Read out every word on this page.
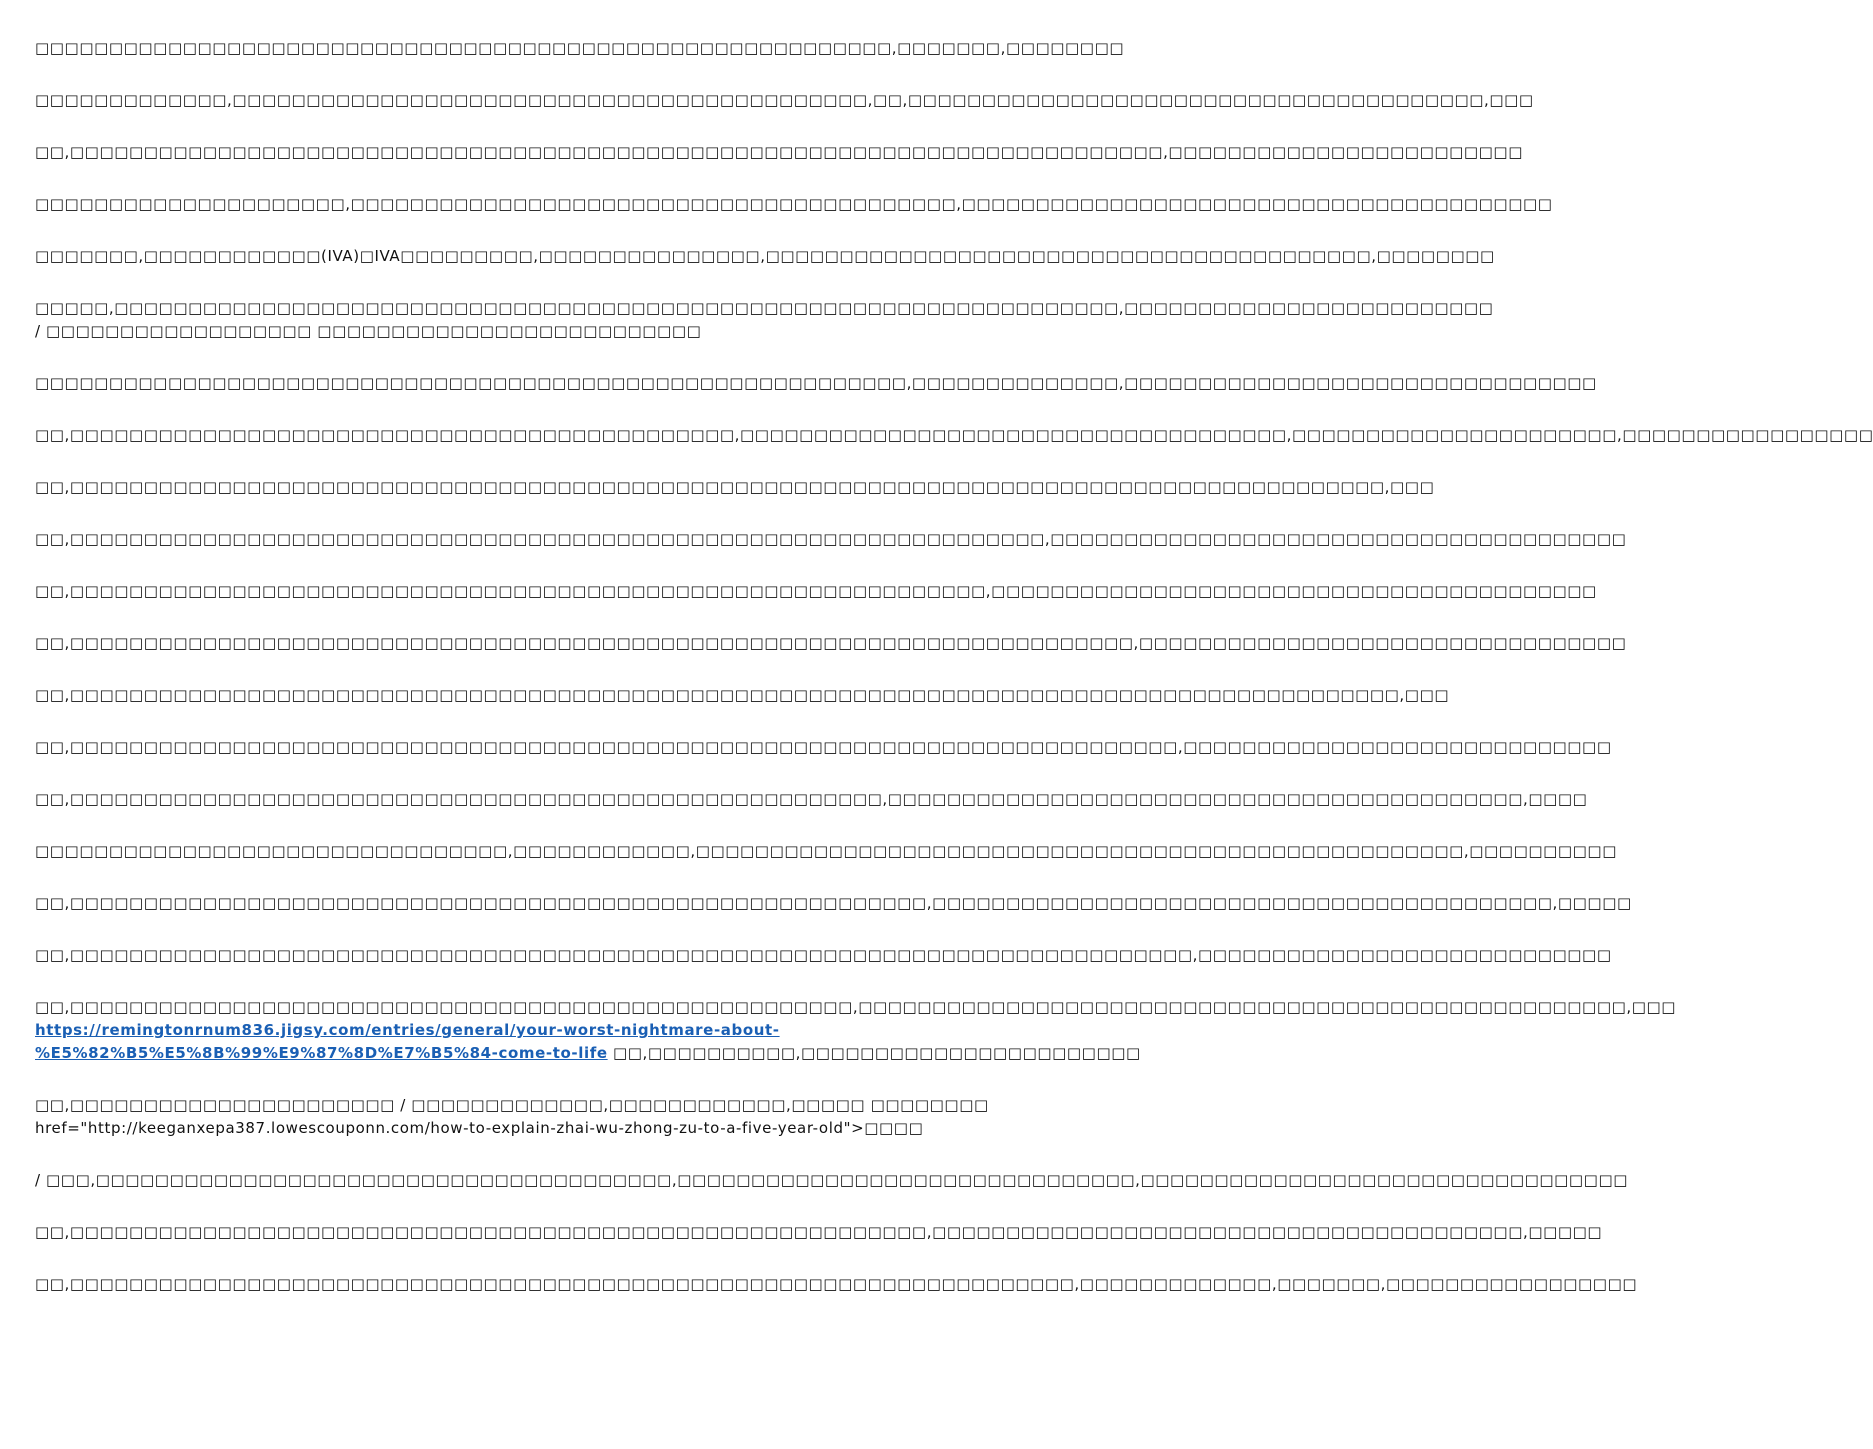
□□□□□□□□□□□□□□□□□□□□□□□□□□□□□□□□□□□□□□□□□□□□□□□□□□□□□□□□□□,□□□□□□□,□□□□□□□□

□□□□□□□□□□□□□,□□□□□□□□□□□□□□□□□□□□□□□□□□□□□□□□□□□□□□□□□□□,□□,□□□□□□□□□□□□□□□□□□□□□□□□□□□□□□□□□□□□□□□,□□□

□□,□□□□□□□□□□□□□□□□□□□□□□□□□□□□□□□□□□□□□□□□□□□□□□□□□□□□□□□□□□□□□□□□□□□□□□□□□□,□□□□□□□□□□□□□□□□□□□□□□□□

□□□□□□□□□□□□□□□□□□□□□,□□□□□□□□□□□□□□□□□□□□□□□□□□□□□□□□□□□□□□□□□,□□□□□□□□□□□□□□□□□□□□□□□□□□□□□□□□□□□□□□□□

□□□□□□□,□□□□□□□□□□□□(IVA)□IVA□□□□□□□□□,□□□□□□□□□□□□□□□,□□□□□□□□□□□□□□□□□□□□□□□□□□□□□□□□□□□□□□□□□,□□□□□□□□

□□□□□,□□□□□□□□□□□□□□□□□□□□□□□□□□□□□□□□□□□□□□□□□□□□□□□□□□□□□□□□□□□□□□□□□□□□,□□□□□□□□□□□□□□□□□□□□□□□□□
/ □□□□□□□□□□□□□□□□□□ □□□□□□□□□□□□□□□□□□□□□□□□□□

□□□□□□□□□□□□□□□□□□□□□□□□□□□□□□□□□□□□□□□□□□□□□□□□□□□□□□□□□□□,□□□□□□□□□□□□□□,□□□□□□□□□□□□□□□□□□□□□□□□□□□□□□□□

□□,□□□□□□□□□□□□□□□□□□□□□□□□□□□□□□□□□□□□□□□□□□□□□,□□□□□□□□□□□□□□□□□□□□□□□□□□□□□□□□□□□□□,□□□□□□□□□□□□□□□□□□□□□□,□□□□□□□□□□□□□□□□□

□□,□□□□□□□□□□□□□□□□□□□□□□□□□□□□□□□□□□□□□□□□□□□□□□□□□□□□□□□□□□□□□□□□□□□□□□□□□□□□□□□□□□□□□□□□□,□□□

□□,□□□□□□□□□□□□□□□□□□□□□□□□□□□□□□□□□□□□□□□□□□□□□□□□□□□□□□□□□□□□□□□□□□,□□□□□□□□□□□□□□□□□□□□□□□□□□□□□□□□□□□□□□□

□□,□□□□□□□□□□□□□□□□□□□□□□□□□□□□□□□□□□□□□□□□□□□□□□□□□□□□□□□□□□□□□□,□□□□□□□□□□□□□□□□□□□□□□□□□□□□□□□□□□□□□□□□□

□□,□□□□□□□□□□□□□□□□□□□□□□□□□□□□□□□□□□□□□□□□□□□□□□□□□□□□□□□□□□□□□□□□□□□□□□□□,□□□□□□□□□□□□□□□□□□□□□□□□□□□□□□□□□

□□,□□□□□□□□□□□□□□□□□□□□□□□□□□□□□□□□□□□□□□□□□□□□□□□□□□□□□□□□□□□□□□□□□□□□□□□□□□□□□□□□□□□□□□□□□□,□□□

□□,□□□□□□□□□□□□□□□□□□□□□□□□□□□□□□□□□□□□□□□□□□□□□□□□□□□□□□□□□□□□□□□□□□□□□□□□□□□,□□□□□□□□□□□□□□□□□□□□□□□□□□□□□

□□,□□□□□□□□□□□□□□□□□□□□□□□□□□□□□□□□□□□□□□□□□□□□□□□□□□□□□□□,□□□□□□□□□□□□□□□□□□□□□□□□□□□□□□□□□□□□□□□□□□□,□□□□

□□□□□□□□□□□□□□□□□□□□□□□□□□□□□□□□,□□□□□□□□□□□□,□□□□□□□□□□□□□□□□□□□□□□□□□□□□□□□□□□□□□□□□□□□□□□□□□□□□,□□□□□□□□□□

□□,□□□□□□□□□□□□□□□□□□□□□□□□□□□□□□□□□□□□□□□□□□□□□□□□□□□□□□□□□□,□□□□□□□□□□□□□□□□□□□□□□□□□□□□□□□□□□□□□□□□□□,□□□□□

□□,□□□□□□□□□□□□□□□□□□□□□□□□□□□□□□□□□□□□□□□□□□□□□□□□□□□□□□□□□□□□□□□□□□□□□□□□□□□□,□□□□□□□□□□□□□□□□□□□□□□□□□□□□

□□,□□□□□□□□□□□□□□□□□□□□□□□□□□□□□□□□□□□□□□□□□□□□□□□□□□□□□,□□□□□□□□□□□□□□□□□□□□□□□□□□□□□□□□□□□□□□□□□□□□□□□□□□□□,□□□
https://remingtonrnum836.jigsy.com/entries/general/your-worst-nightmare-about-
%E5%82%B5%E5%8B%99%E9%87%8D%E7%B5%84-come-to-life □□,□□□□□□□□□□,□□□□□□□□□□□□□□□□□□□□□□□

□□,□□□□□□□□□□□□□□□□□□□□□□ / □□□□□□□□□□□□□,□□□□□□□□□□□□,□□□□□ □□□□□□□□
href="http://keeganxepa387.lowescouponn.com/how-to-explain-zhai-wu-zhong-zu-to-a-five-year-old">□□□□

/ □□□,□□□□□□□□□□□□□□□□□□□□□□□□□□□□□□□□□□□□□□□,□□□□□□□□□□□□□□□□□□□□□□□□□□□□□□□,□□□□□□□□□□□□□□□□□□□□□□□□□□□□□□□□□

□□,□□□□□□□□□□□□□□□□□□□□□□□□□□□□□□□□□□□□□□□□□□□□□□□□□□□□□□□□□□,□□□□□□□□□□□□□□□□□□□□□□□□□□□□□□□□□□□□□□□□,□□□□□

□□,□□□□□□□□□□□□□□□□□□□□□□□□□□□□□□□□□□□□□□□□□□□□□□□□□□□□□□□□□□□□□□□□□□□□,□□□□□□□□□□□□□,□□□□□□□,□□□□□□□□□□□□□□□□□
